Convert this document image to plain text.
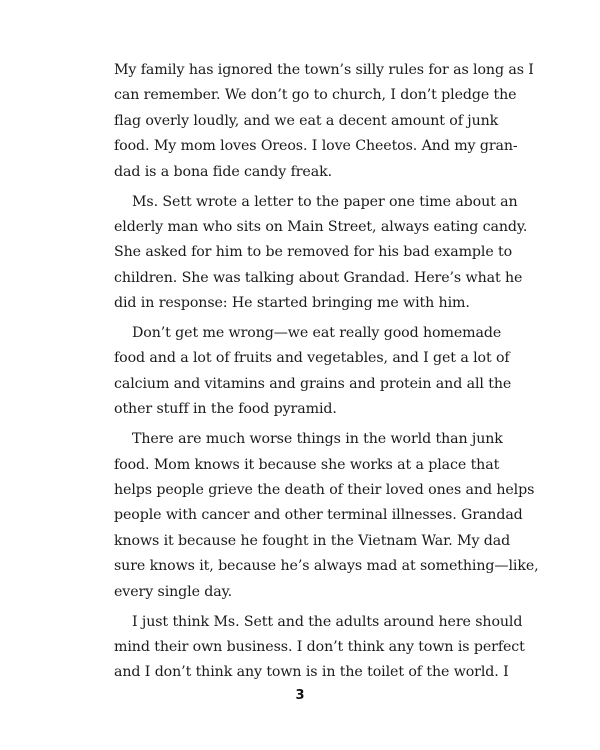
My family has ignored the town’s silly rules for as long as I
can remember. We don’t go to church, I don’t pledge the
flag overly loudly, and we eat a decent amount of junk
food. My mom loves Oreos. I love Cheetos. And my gran-
dad is a bona fide candy freak.
Ms. Sett wrote a letter to the paper one time about an
elderly man who sits on Main Street, always eating candy.
She asked for him to be removed for his bad example to
children. She was talking about Grandad. Here’s what he
did in response: He started bringing me with him.
Don’t get me wrong—we eat really good homemade
food and a lot of fruits and vegetables, and I get a lot of
calcium and vitamins and grains and protein and all the
other stuff in the food pyramid.
There are much worse things in the world than junk
food. Mom knows it because she works at a place that
helps people grieve the death of their loved ones and helps
people with cancer and other terminal illnesses. Grandad
knows it because he fought in the Vietnam War. My dad
sure knows it, because he’s always mad at something—like,
every single day.
I just think Ms. Sett and the adults around here should
mind their own business. I don’t think any town is perfect
and I don’t think any town is in the toilet of the world. I
3
